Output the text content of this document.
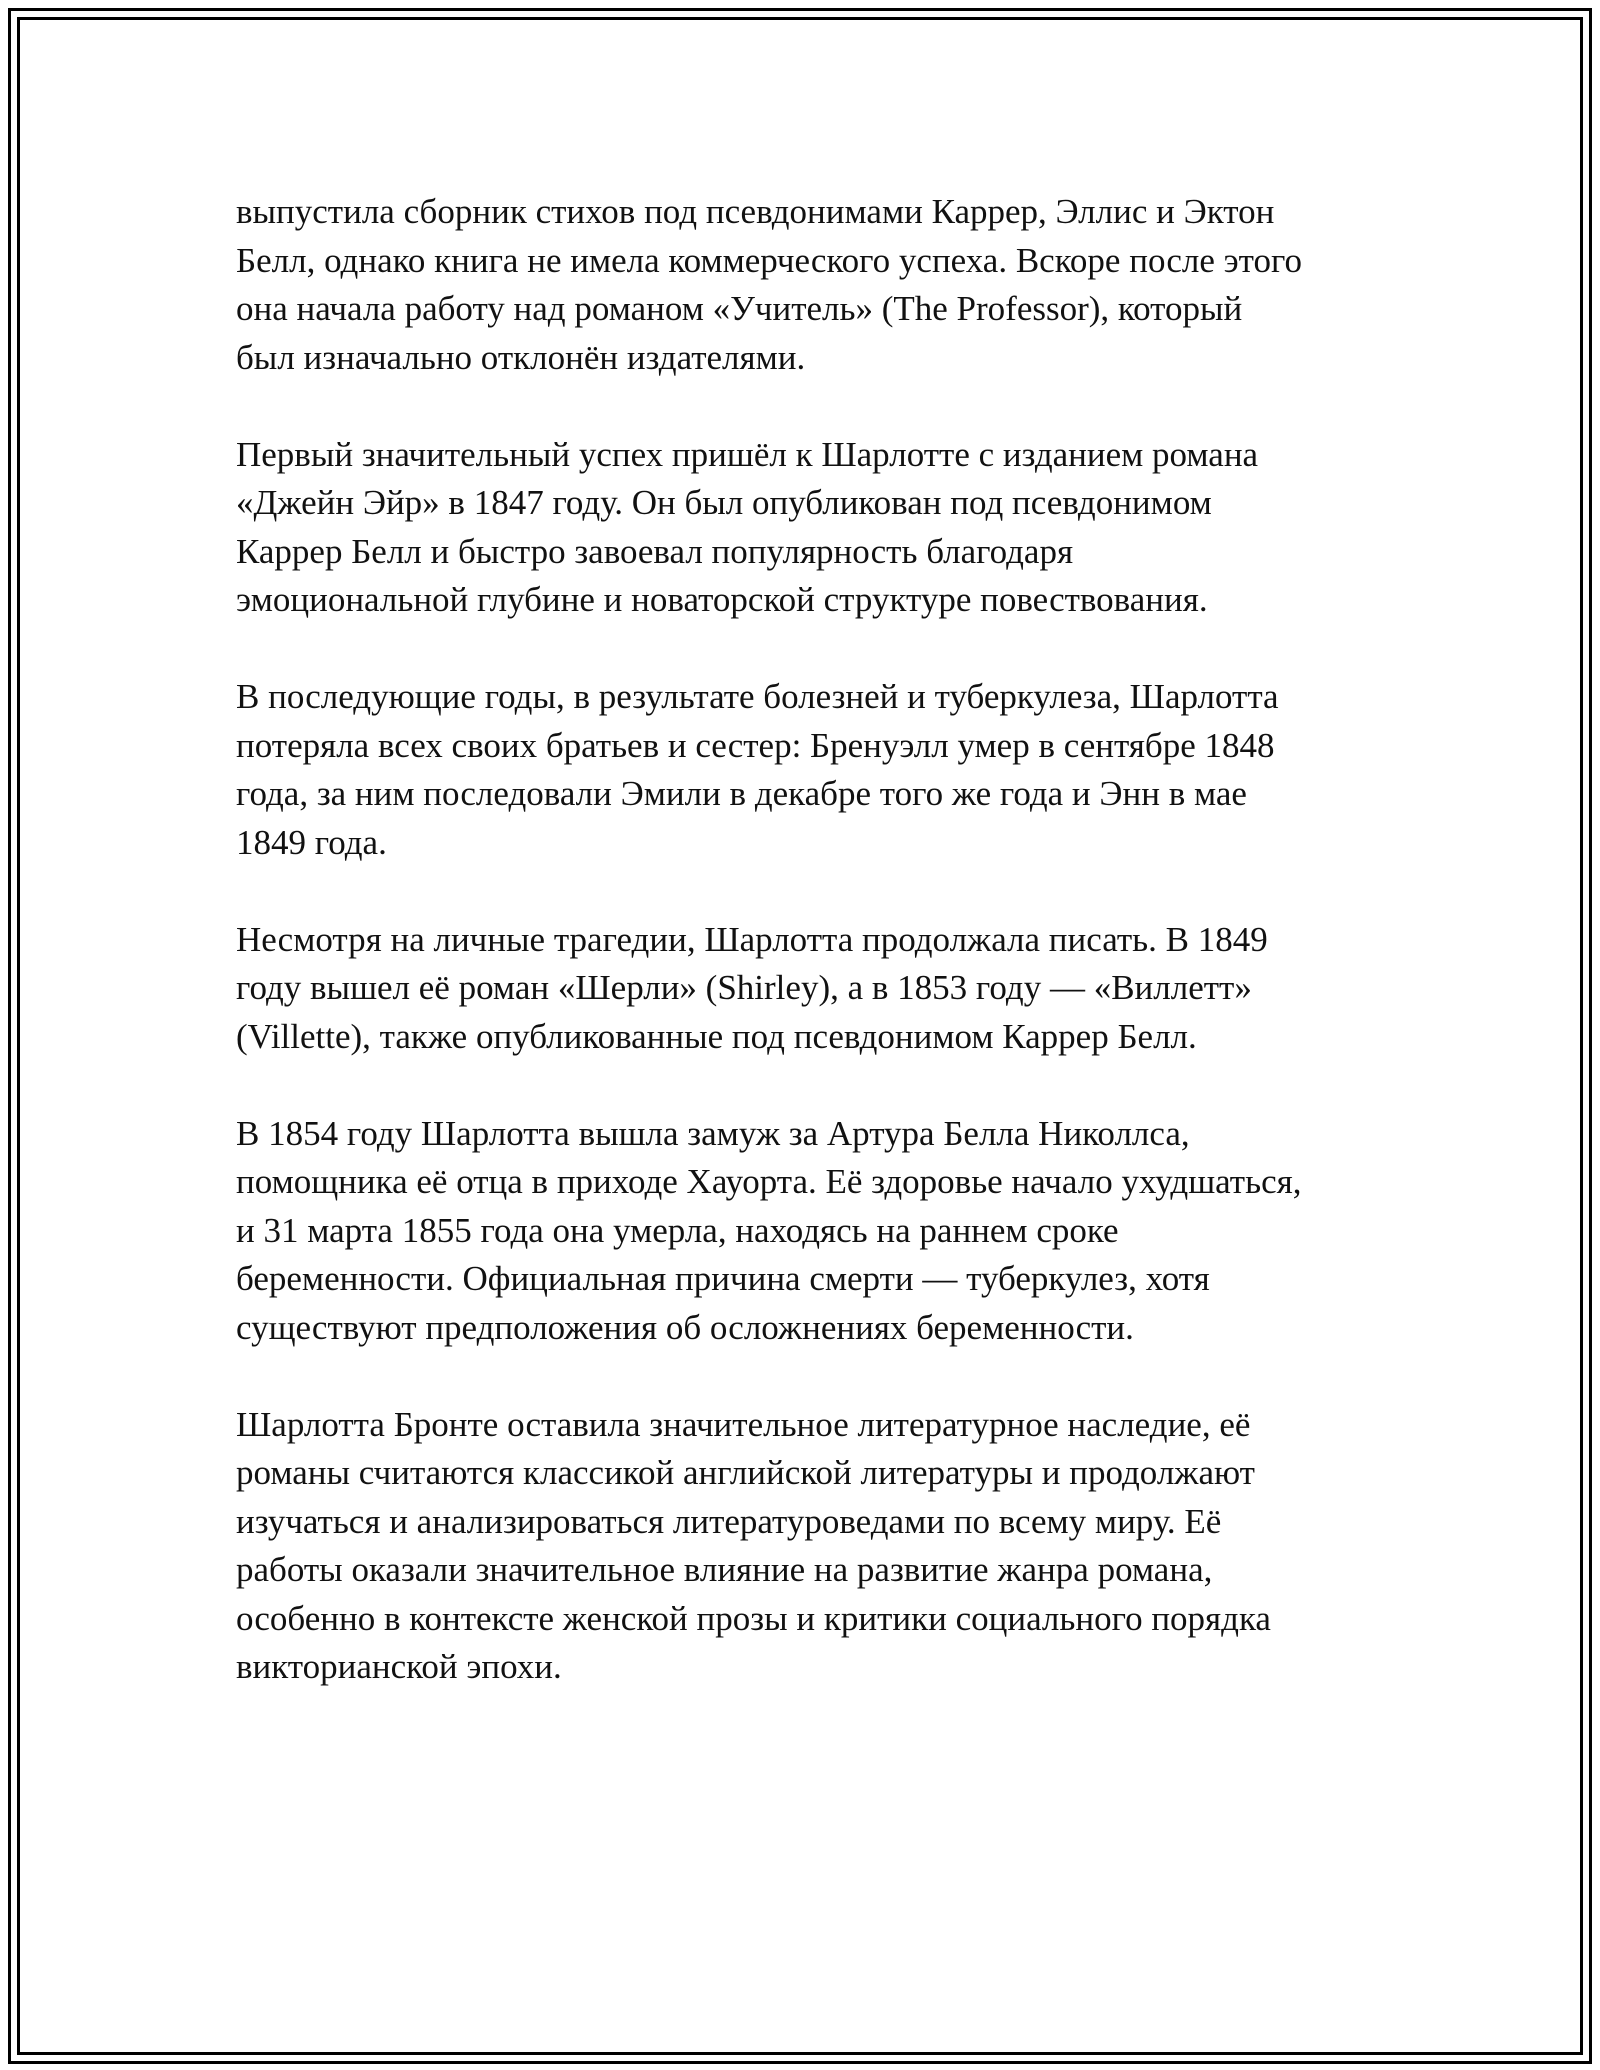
выпустила сборник стихов под псевдонимами Каррер, Эллис и Эктон
Белл, однако книга не имела коммерческого успеха. Вскоре после этого
она начала работу над романом «Учитель» (The Professor), который
был изначально отклонён издателями.

Первый значительный успех пришёл к Шарлотте с изданием романа
«Джейн Эйр» в 1847 году. Он был опубликован под псевдонимом
Каррер Белл и быстро завоевал популярность благодаря
эмоциональной глубине и новаторской структуре повествования.

В последующие годы, в результате болезней и туберкулеза, Шарлотта
потеряла всех своих братьев и сестер: Бренуэлл умер в сентябре 1848
года, за ним последовали Эмили в декабре того же года и Энн в мае
1849 года.

Несмотря на личные трагедии, Шарлотта продолжала писать. В 1849
году вышел её роман «Шерли» (Shirley), а в 1853 году — «Виллетт»
(Villette), также опубликованные под псевдонимом Каррер Белл.

В 1854 году Шарлотта вышла замуж за Артура Белла Николлса,
помощника её отца в приходе Хауорта. Её здоровье начало ухудшаться,
и 31 марта 1855 года она умерла, находясь на раннем сроке
беременности. Официальная причина смерти — туберкулез, хотя
существуют предположения об осложнениях беременности.

Шарлотта Бронте оставила значительное литературное наследие, её
романы считаются классикой английской литературы и продолжают
изучаться и анализироваться литературоведами по всему миру. Её
работы оказали значительное влияние на развитие жанра романа,
особенно в контексте женской прозы и критики социального порядка
викторианской эпохи.
